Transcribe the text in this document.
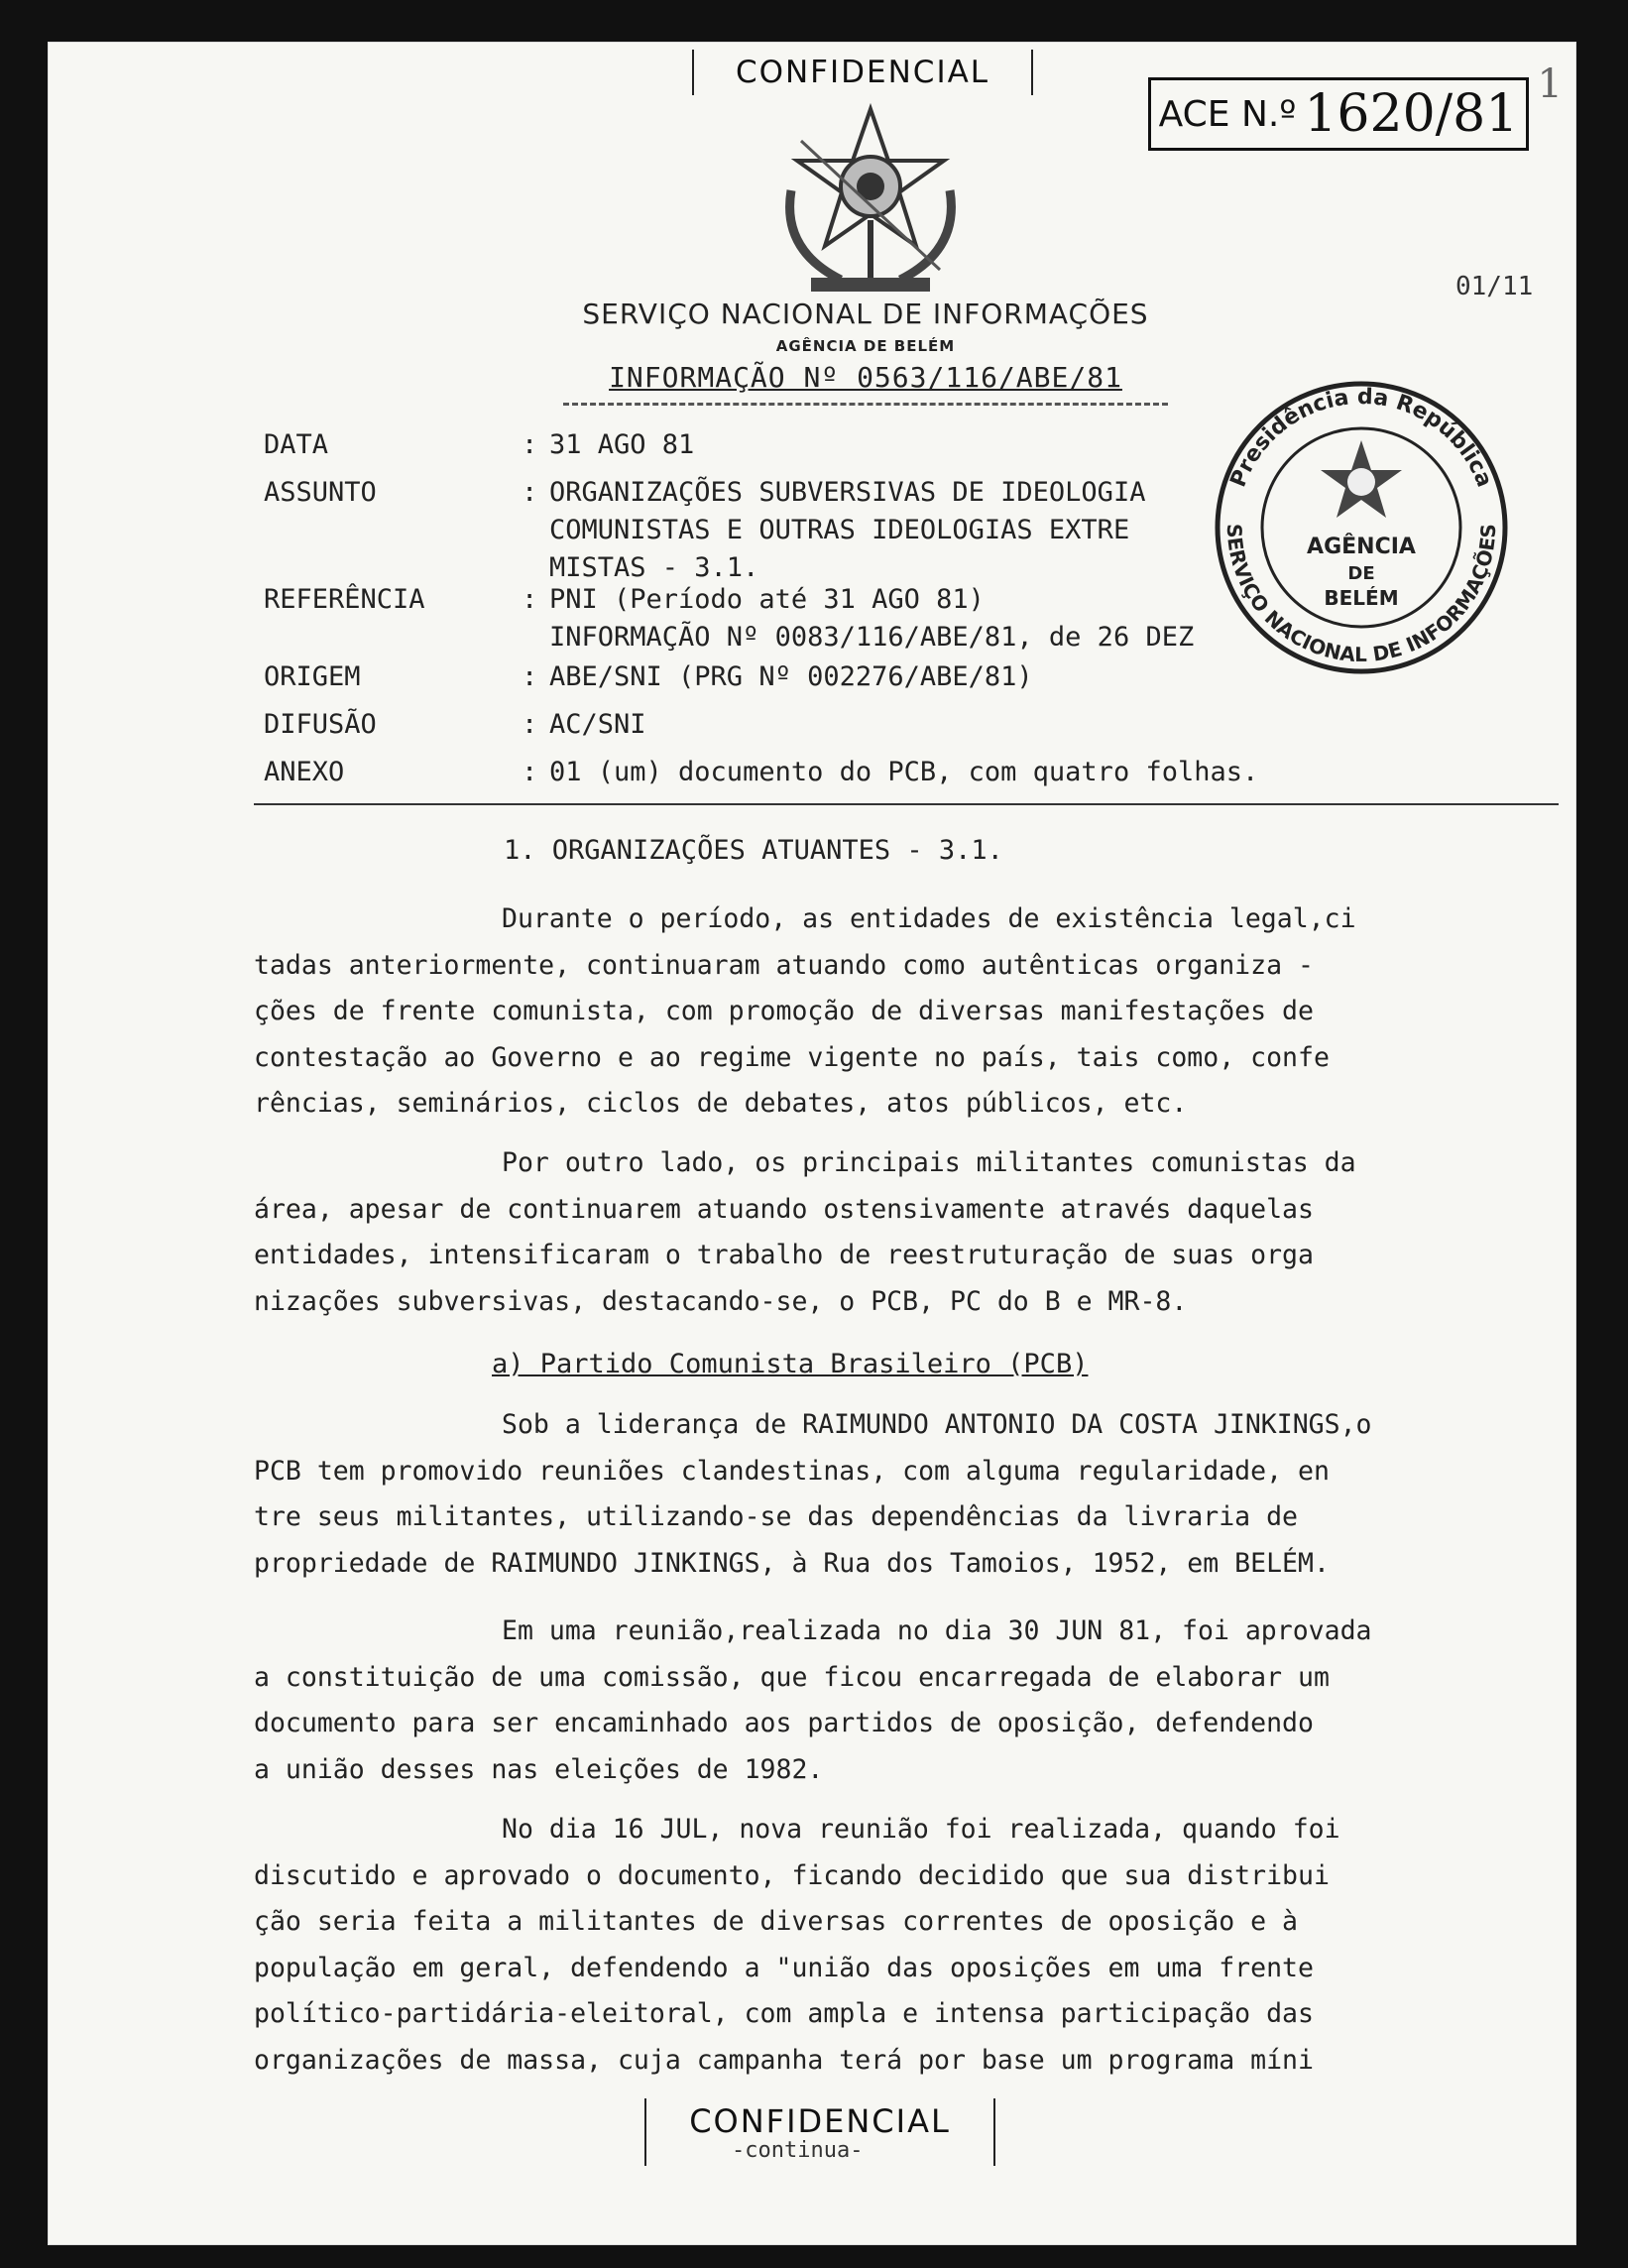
CONFIDENCIAL
ACE N.º 1620/81 1
01/11
SERVIÇO NACIONAL DE INFORMAÇÕES
AGÊNCIA DE BELÉM
INFORMAÇÃO Nº 0563/116/ABE/81
DATA	: 31 AGO 81
ASSUNTO	: ORGANIZAÇÕES SUBVERSIVAS DE IDEOLOGIA
COMUNISTAS E OUTRAS IDEOLOGIAS EXTRE
MISTAS - 3.1.
REFERÊNCIA	: PNI (Período até 31 AGO 81)
INFORMAÇÃO Nº 0083/116/ABE/81, de 26 DEZ
ORIGEM	: ABE/SNI (PRG Nº 002276/ABE/81)
DIFUSÃO	: AC/SNI
ANEXO	: 01 (um) documento do PCB, com quatro folhas.
Presidência da República
SERVIÇO NACIONAL DE INFORMAÇÕES
AGÊNCIA
DE
BELÉM
1. ORGANIZAÇÕES ATUANTES - 3.1.

Durante o período, as entidades de existência legal,ci

tadas anteriormente, continuaram atuando como autênticas organiza -

ções de frente comunista, com promoção de diversas manifestações de

contestação ao Governo e ao regime vigente no país, tais como, confe

rências, seminários, ciclos de debates, atos públicos, etc.

Por outro lado, os principais militantes comunistas da

área, apesar de continuarem atuando ostensivamente através daquelas

entidades, intensificaram o trabalho de reestruturação de suas orga

nizações subversivas, destacando-se, o PCB, PC do B e MR-8.

a) Partido Comunista Brasileiro (PCB)

Sob a liderança de RAIMUNDO ANTONIO DA COSTA JINKINGS,o

PCB tem promovido reuniões clandestinas, com alguma regularidade, en

tre seus militantes, utilizando-se das dependências da livraria de

propriedade de RAIMUNDO JINKINGS, à Rua dos Tamoios, 1952, em BELÉM.

Em uma reunião,realizada no dia 30 JUN 81, foi aprovada

a constituição de uma comissão, que ficou encarregada de elaborar um

documento para ser encaminhado aos partidos de oposição, defendendo

a união desses nas eleições de 1982.

No dia 16 JUL, nova reunião foi realizada, quando foi

discutido e aprovado o documento, ficando decidido que sua distribui

ção seria feita a militantes de diversas correntes de oposição e à

população em geral, defendendo a "união das oposições em uma frente

político-partidária-eleitoral, com ampla e intensa participação das

organizações de massa, cuja campanha terá por base um programa míni

CONFIDENCIAL
-continua-
